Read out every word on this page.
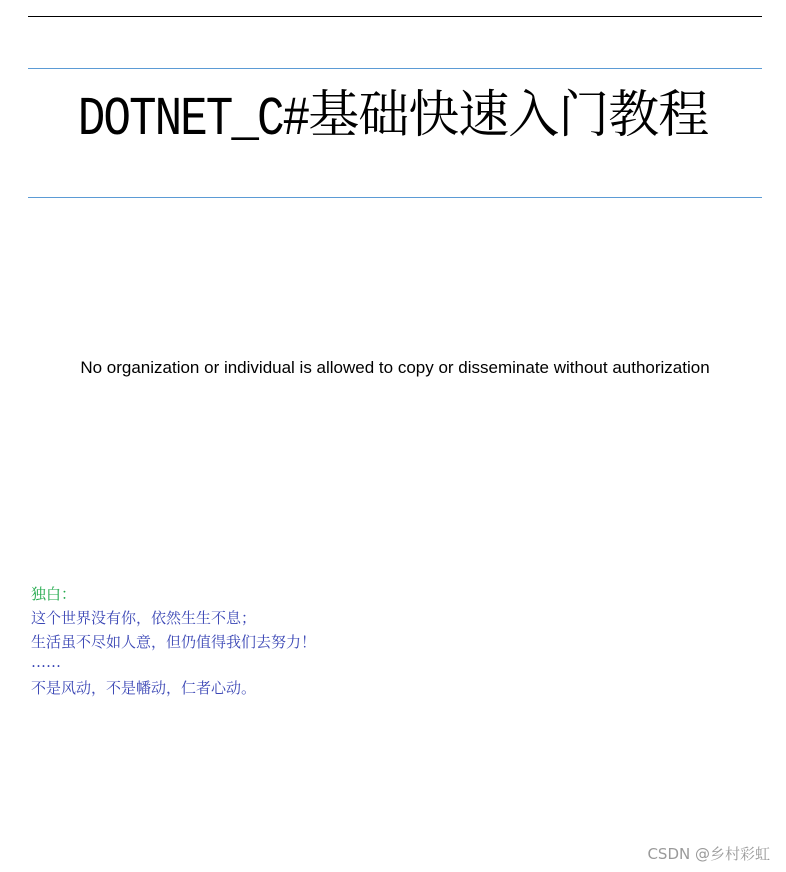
DOTNET_C#基础快速入门教程
No organization or individual is allowed to copy or disseminate without authorization
独白：
这个世界没有你，依然生生不息；
生活虽不尽如人意，但仍值得我们去努力！
……
不是风动，不是幡动，仁者心动。
CSDN @乡村彩虹
